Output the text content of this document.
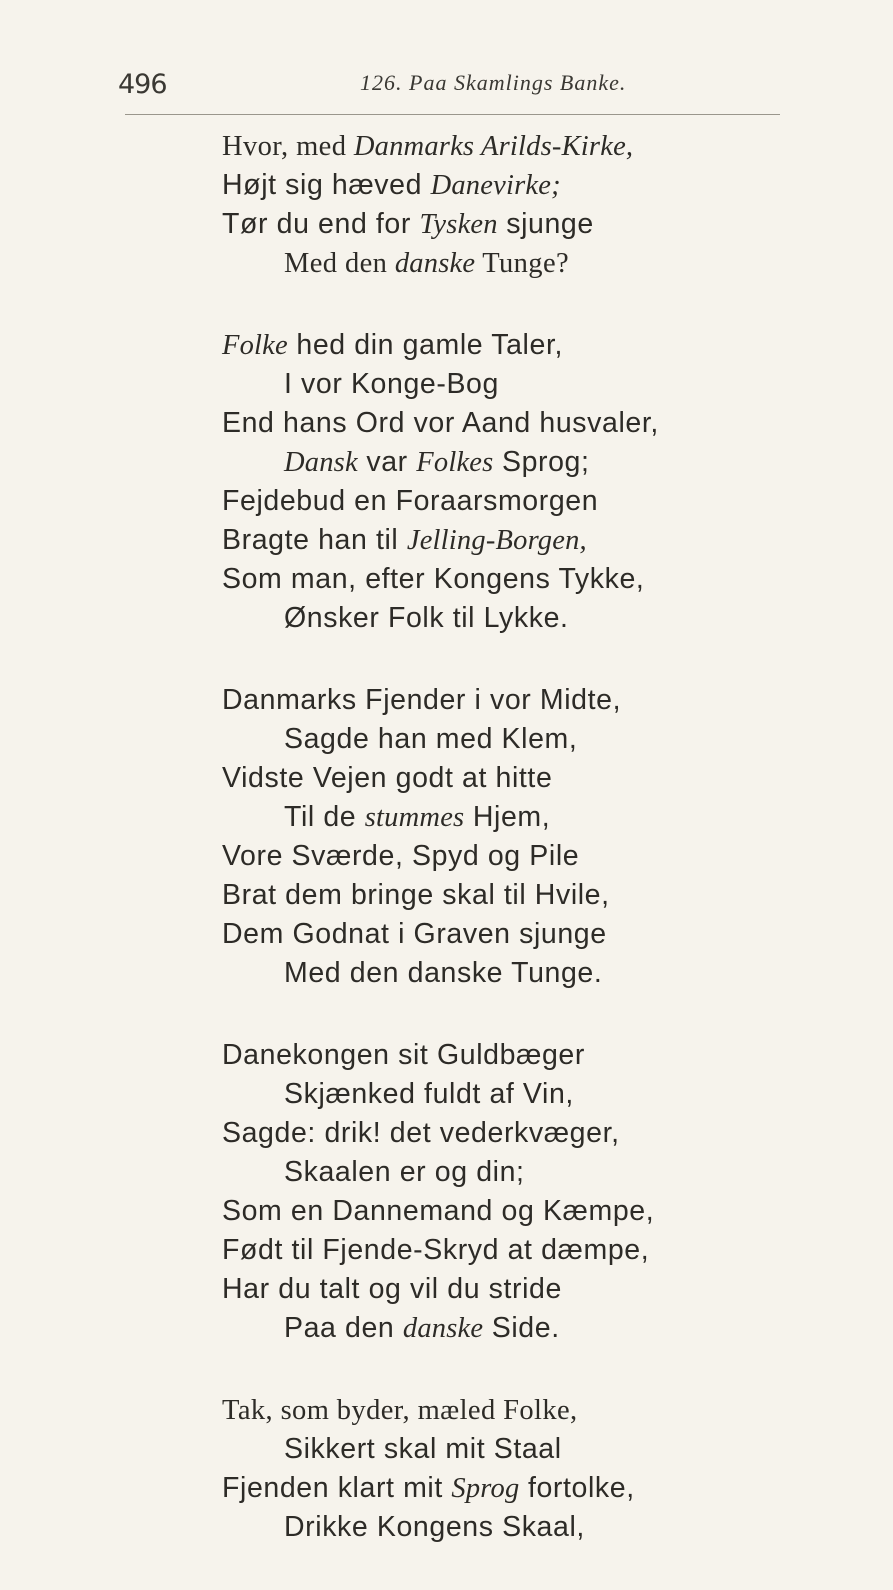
496	126. Paa Skamlings Banke.
Hvor, med Danmarks Arilds-Kirke,
Højt sig hæved Danevirke;
Tør du end for Tysken sjunge
Med den danske Tunge?
Folke hed din gamle Taler,
I vor Konge-Bog
End hans Ord vor Aand husvaler,
Dansk var Folkes Sprog;
Fejdebud en Foraarsmorgen
Bragte han til Jelling-Borgen,
Som man, efter Kongens Tykke,
Ønsker Folk til Lykke.
Danmarks Fjender i vor Midte,
Sagde han med Klem,
Vidste Vejen godt at hitte
Til de stummes Hjem,
Vore Sværde, Spyd og Pile
Brat dem bringe skal til Hvile,
Dem Godnat i Graven sjunge
Med den danske Tunge.
Danekongen sit Guldbæger
Skjænked fuldt af Vin,
Sagde: drik! det vederkvæger,
Skaalen er og din;
Som en Dannemand og Kæmpe,
Født til Fjende-Skryd at dæmpe,
Har du talt og vil du stride
Paa den danske Side.
Tak, som byder, mæled Folke,
Sikkert skal mit Staal
Fjenden klart mit Sprog fortolke,
Drikke Kongens Skaal,
